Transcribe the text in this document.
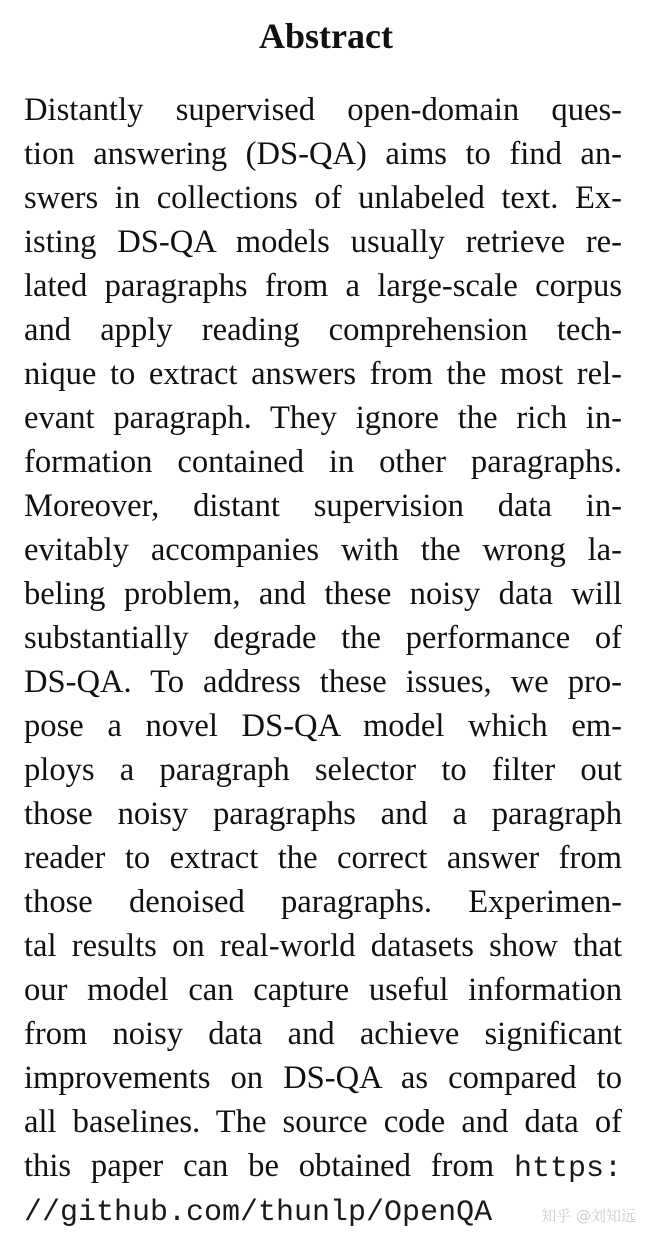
Abstract
Distantly supervised open-domain ques-
tion answering (DS-QA) aims to find an-
swers in collections of unlabeled text. Ex-
isting DS-QA models usually retrieve re-
lated paragraphs from a large-scale corpus
and apply reading comprehension tech-
nique to extract answers from the most rel-
evant paragraph. They ignore the rich in-
formation contained in other paragraphs.
Moreover, distant supervision data in-
evitably accompanies with the wrong la-
beling problem, and these noisy data will
substantially degrade the performance of
DS-QA. To address these issues, we pro-
pose a novel DS-QA model which em-
ploys a paragraph selector to filter out
those noisy paragraphs and a paragraph
reader to extract the correct answer from
those denoised paragraphs. Experimen-
tal results on real-world datasets show that
our model can capture useful information
from noisy data and achieve significant
improvements on DS-QA as compared to
all baselines. The source code and data of
this paper can be obtained from https:
//github.com/thunlp/OpenQA	知乎 @刘知远
